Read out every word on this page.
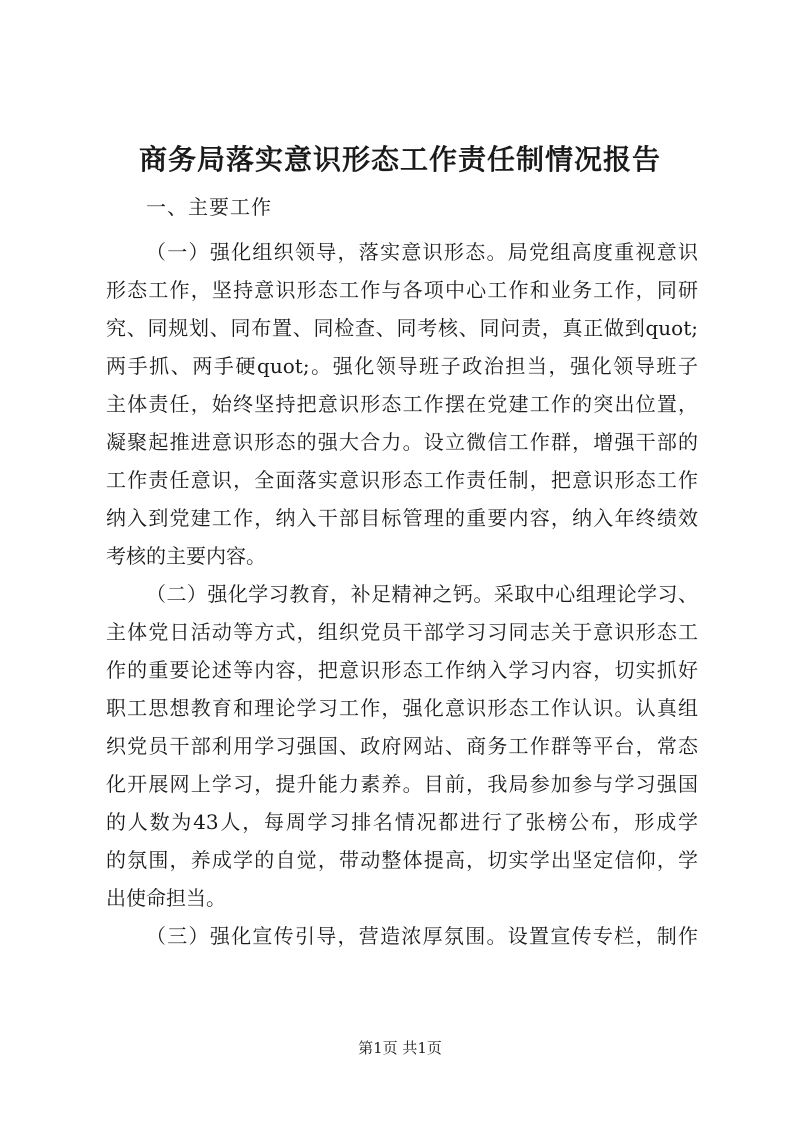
商务局落实意识形态工作责任制情况报告
一、主要工作
（一）强化组织领导，落实意识形态。局党组高度重视意识
形态工作，坚持意识形态工作与各项中心工作和业务工作，同研
究、同规划、同布置、同检查、同考核、同问责，真正做到quot;
两手抓、两手硬quot;。强化领导班子政治担当，强化领导班子
主体责任，始终坚持把意识形态工作摆在党建工作的突出位置，
凝聚起推进意识形态的强大合力。设立微信工作群，增强干部的
工作责任意识，全面落实意识形态工作责任制，把意识形态工作
纳入到党建工作，纳入干部目标管理的重要内容，纳入年终绩效
考核的主要内容。
（二）强化学习教育，补足精神之钙。采取中心组理论学习、
主体党日活动等方式，组织党员干部学习习同志关于意识形态工
作的重要论述等内容，把意识形态工作纳入学习内容，切实抓好
职工思想教育和理论学习工作，强化意识形态工作认识。认真组
织党员干部利用学习强国、政府网站、商务工作群等平台，常态
化开展网上学习，提升能力素养。目前，我局参加参与学习强国
的人数为43人，每周学习排名情况都进行了张榜公布，形成学
的氛围，养成学的自觉，带动整体提高，切实学出坚定信仰，学
出使命担当。
（三）强化宣传引导，营造浓厚氛围。设置宣传专栏，制作
第1页 共1页
